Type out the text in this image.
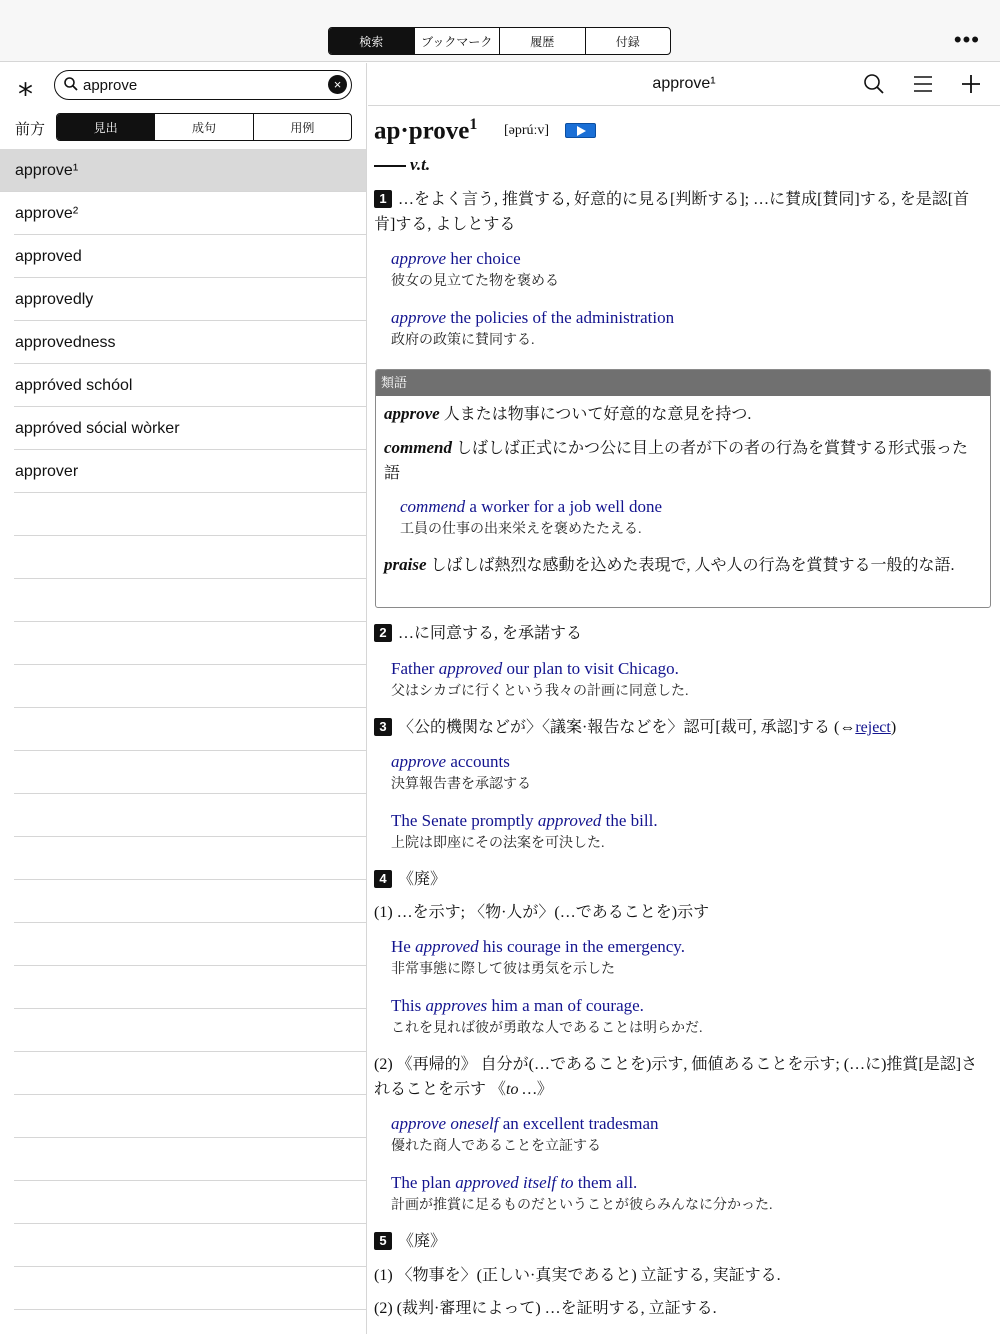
検索	ブックマーク	履歴	付録	•••
⁎
approve	×
前方	見出	成句	用例
approve¹
approve²
approved
approvedly
approvedness
appróved schóol
appróved sócial wòrker
approver
approve¹
ap·prove$^1$ [əprúːv]
v.t.
1 …をよく言う, 推賞する, 好意的に見る[判断する]; …に賛成[賛同]する, を是認[首肯]する, よしとする
approve her choice
彼女の見立てた物を褒める
approve the policies of the administration
政府の政策に賛同する.
類語
approve 人または物事について好意的な意見を持つ.
commend しばしば正式にかつ公に目上の者が下の者の行為を賞賛する形式張った語
commend a worker for a job well done
工員の仕事の出来栄えを褒めたたえる.
praise しばしば熱烈な感動を込めた表現で, 人や人の行為を賞賛する一般的な語.
2 …に同意する, を承諾する
Father approved our plan to visit Chicago.
父はシカゴに行くという我々の計画に同意した.
3 〈公的機関などが〉〈議案·報告などを〉認可[裁可, 承認]する (⇔reject)
approve accounts
決算報告書を承認する
The Senate promptly approved the bill.
上院は即座にその法案を可決した.
4 《廃》
(1) …を示す; 〈物·人が〉(…であることを)示す
He approved his courage in the emergency.
非常事態に際して彼は勇気を示した
This approves him a man of courage.
これを見れば彼が勇敢な人であることは明らかだ.
(2) 《再帰的》 自分が(…であることを)示す, 価値あることを示す; (…に)推賞[是認]されることを示す 《to …》
approve oneself an excellent tradesman
優れた商人であることを立証する
The plan approved itself to them all.
計画が推賞に足るものだということが彼らみんなに分かった.
5 《廃》
(1) 〈物事を〉(正しい·真実であると) 立証する, 実証する.
(2) (裁判·審理によって) …を証明する, 立証する.
